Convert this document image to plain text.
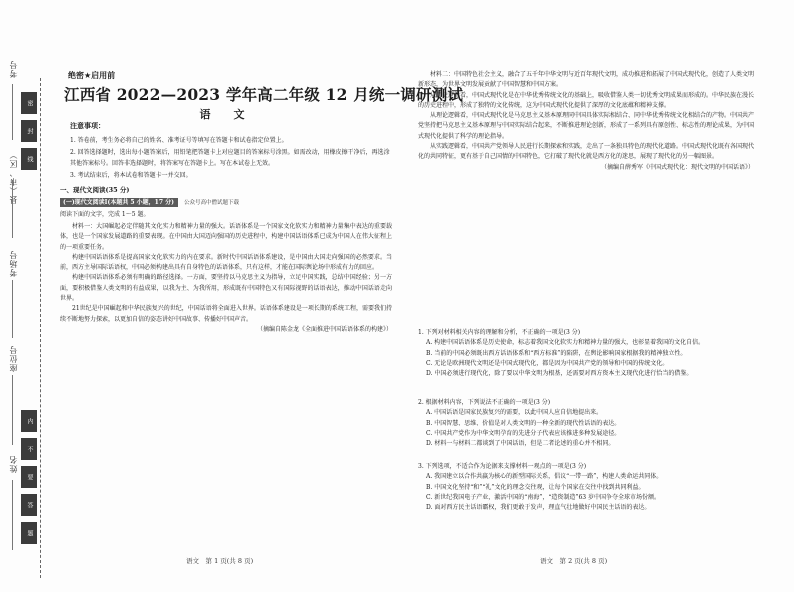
考号
县（市、区）
考场号
座位号
姓名
密
封
线
内
不
要
答
题
绝密★启用前
江西省 2022—2023 学年高二年级 12 月统一调研测试
语　文
注意事项：

1. 答卷前，考生务必将自己的姓名、准考证号等填写在答题卡和试卷指定位置上。

2. 回答选择题时，选出每小题答案后，用铅笔把答题卡上对应题目的答案标号涂黑。如需改动，用橡皮擦干净后，再选涂其他答案标号。回答非选择题时，将答案写在答题卡上。写在本试卷上无效。

3. 考试结束后，将本试卷和答题卡一并交回。

一、现代文阅读(35 分)
(一)现代文阅读Ⅰ(本题共 5 小题，17 分)	公众号高中僧试题下载
阅读下面的文字，完成 1～5 题。

材料一：大国崛起必定伴随其文化实力和精神力量的强大。话语体系是一个国家文化软实力和精神力量集中表达的重要载体，也是一个国家发展道路的重要表现。在中国由大国迈向强国的历史进程中，构建中国话语体系已成为中国人在伟大征程上的一项重要任务。

构建中国话语体系是提高国家文化软实力的内在要求。新时代中国话语体系建设，是中国由大国走向强国的必然要求。当前，西方主导国际话语权，中国必须构建出具有自身特色的话语体系，只有这样，才能在国际舆论场中形成有力的回应。

构建中国话语体系必须有明确的路径选择。一方面，要坚持以马克思主义为指导，立足中国实践，总结中国经验；另一方面，要积极借鉴人类文明的有益成果，以我为主、为我所用，形成既有中国特色又有国际视野的话语表达，推动中国话语走向世界。

21世纪是中国崛起和中华民族复兴的世纪，中国话语将全面进入世界。话语体系建设是一项长期的系统工程，需要我们持续不断地努力探索，以更加自信的姿态讲好中国故事、传播好中国声音。

（摘编自陈金龙《全面推进中国话语体系的构建》）

材料二：中国特色社会主义，融合了五千年中华文明与近百年现代文明，成功推进和拓展了中国式现代化，创造了人类文明新形态，为世界文明发展贡献了中国智慧和中国方案。

从历史逻辑看，中国式现代化是在中华优秀传统文化的基础上，吸收借鉴人类一切优秀文明成果而形成的。中华民族在漫长的历史进程中，形成了独特的文化传统，这为中国式现代化提供了深厚的文化底蕴和精神支撑。

从理论逻辑看，中国式现代化是马克思主义基本原理同中国具体实际相结合、同中华优秀传统文化相结合的产物。中国共产党坚持把马克思主义基本原理与中国实际结合起来，不断推进理论创新，形成了一系列具有原创性、标志性的理论成果，为中国式现代化提供了科学的理论指导。

从实践逻辑看，中国共产党领导人民进行长期探索和实践，走出了一条独具特色的现代化道路。中国式现代化既有各国现代化的共同特征，更有基于自己国情的中国特色，它打破了现代化就是西方化的迷思，展现了现代化的另一幅图景。

（摘编自薛秀军《中国式现代化：现代文明的中国话语》）

1. 下列对材料相关内容的理解和分析，不正确的一项是(3 分)

A. 构建中国话语体系是历史使命，标志着我国文化软实力和精神力量的强大，也彰显着我国的文化自信。

B. 当前的中国必须既出西方话语体系和“西方标准”的陷阱，在舆论影响国家根据我的精神独立性。

C. 无论是欧洲现代文明还是中国式现代化，都是因为中国共产党的领导和中国的传统文化。

D. 中国必须进行现代化，除了要以中华文明为根基，还需要对西方资本主义现代化进行恰当的借鉴。

2. 根据材料内容，下列说法不正确的一项是(3 分)

A. 中国话语是国家民族复兴的需要，以此中国人应自信地提出来。

B. 中国智慧、思维、价值是对人类文明的一种全新的现代性话语的表达。

C. 中国共产党作为中华文明孕育的先进分子代表应该推进多种发展途径。

D. 材料一与材料二都谈到了中国话语，但是二者论述的重心并不相同。

3. 下列选项，不适合作为论据来支撑材料一观点的一项是(3 分)

A. 我国建立以合作共赢为核心的新型国际关系，倡议“一带一路”，构建人类命运共同体。

B. 中国文化坚持“和”“礼”文化的理念交往观，让每个国家在交往中找到共同利益。

C. 新世纪我国电子产业，激活中国的“南海”，“造资制造”63 岁中国争夺全球市场份额。

D. 面对西方民主话语霸权，我们更敢于发声，理直气壮地做好中国民主话语的表达。

语文　第 1 页(共 8 页)	语文　第 2 页(共 8 页)
